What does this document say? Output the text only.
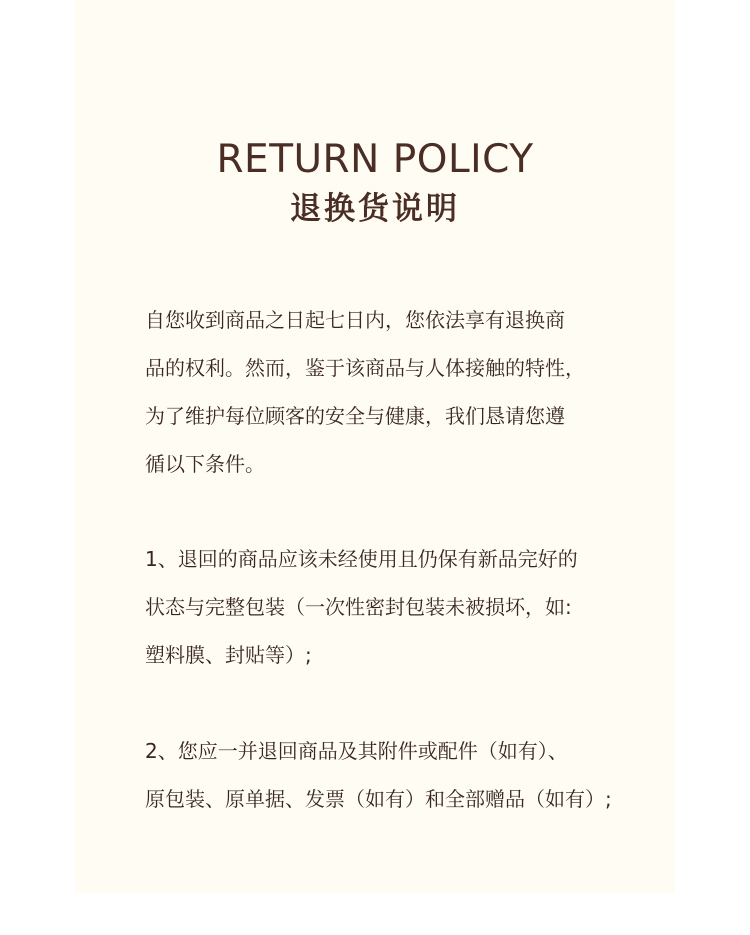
RETURN POLICY
退换货说明

自您收到商品之日起七日内，您依法享有退换商
品的权利。然而，鉴于该商品与人体接触的特性，
为了维护每位顾客的安全与健康，我们恳请您遵
循以下条件。

1、退回的商品应该未经使用且仍保有新品完好的
状态与完整包装（一次性密封包装未被损坏，如:
塑料膜、封贴等）;

2、您应一并退回商品及其附件或配件（如有）、
原包装、原单据、发票（如有）和全部赠品（如有）;
